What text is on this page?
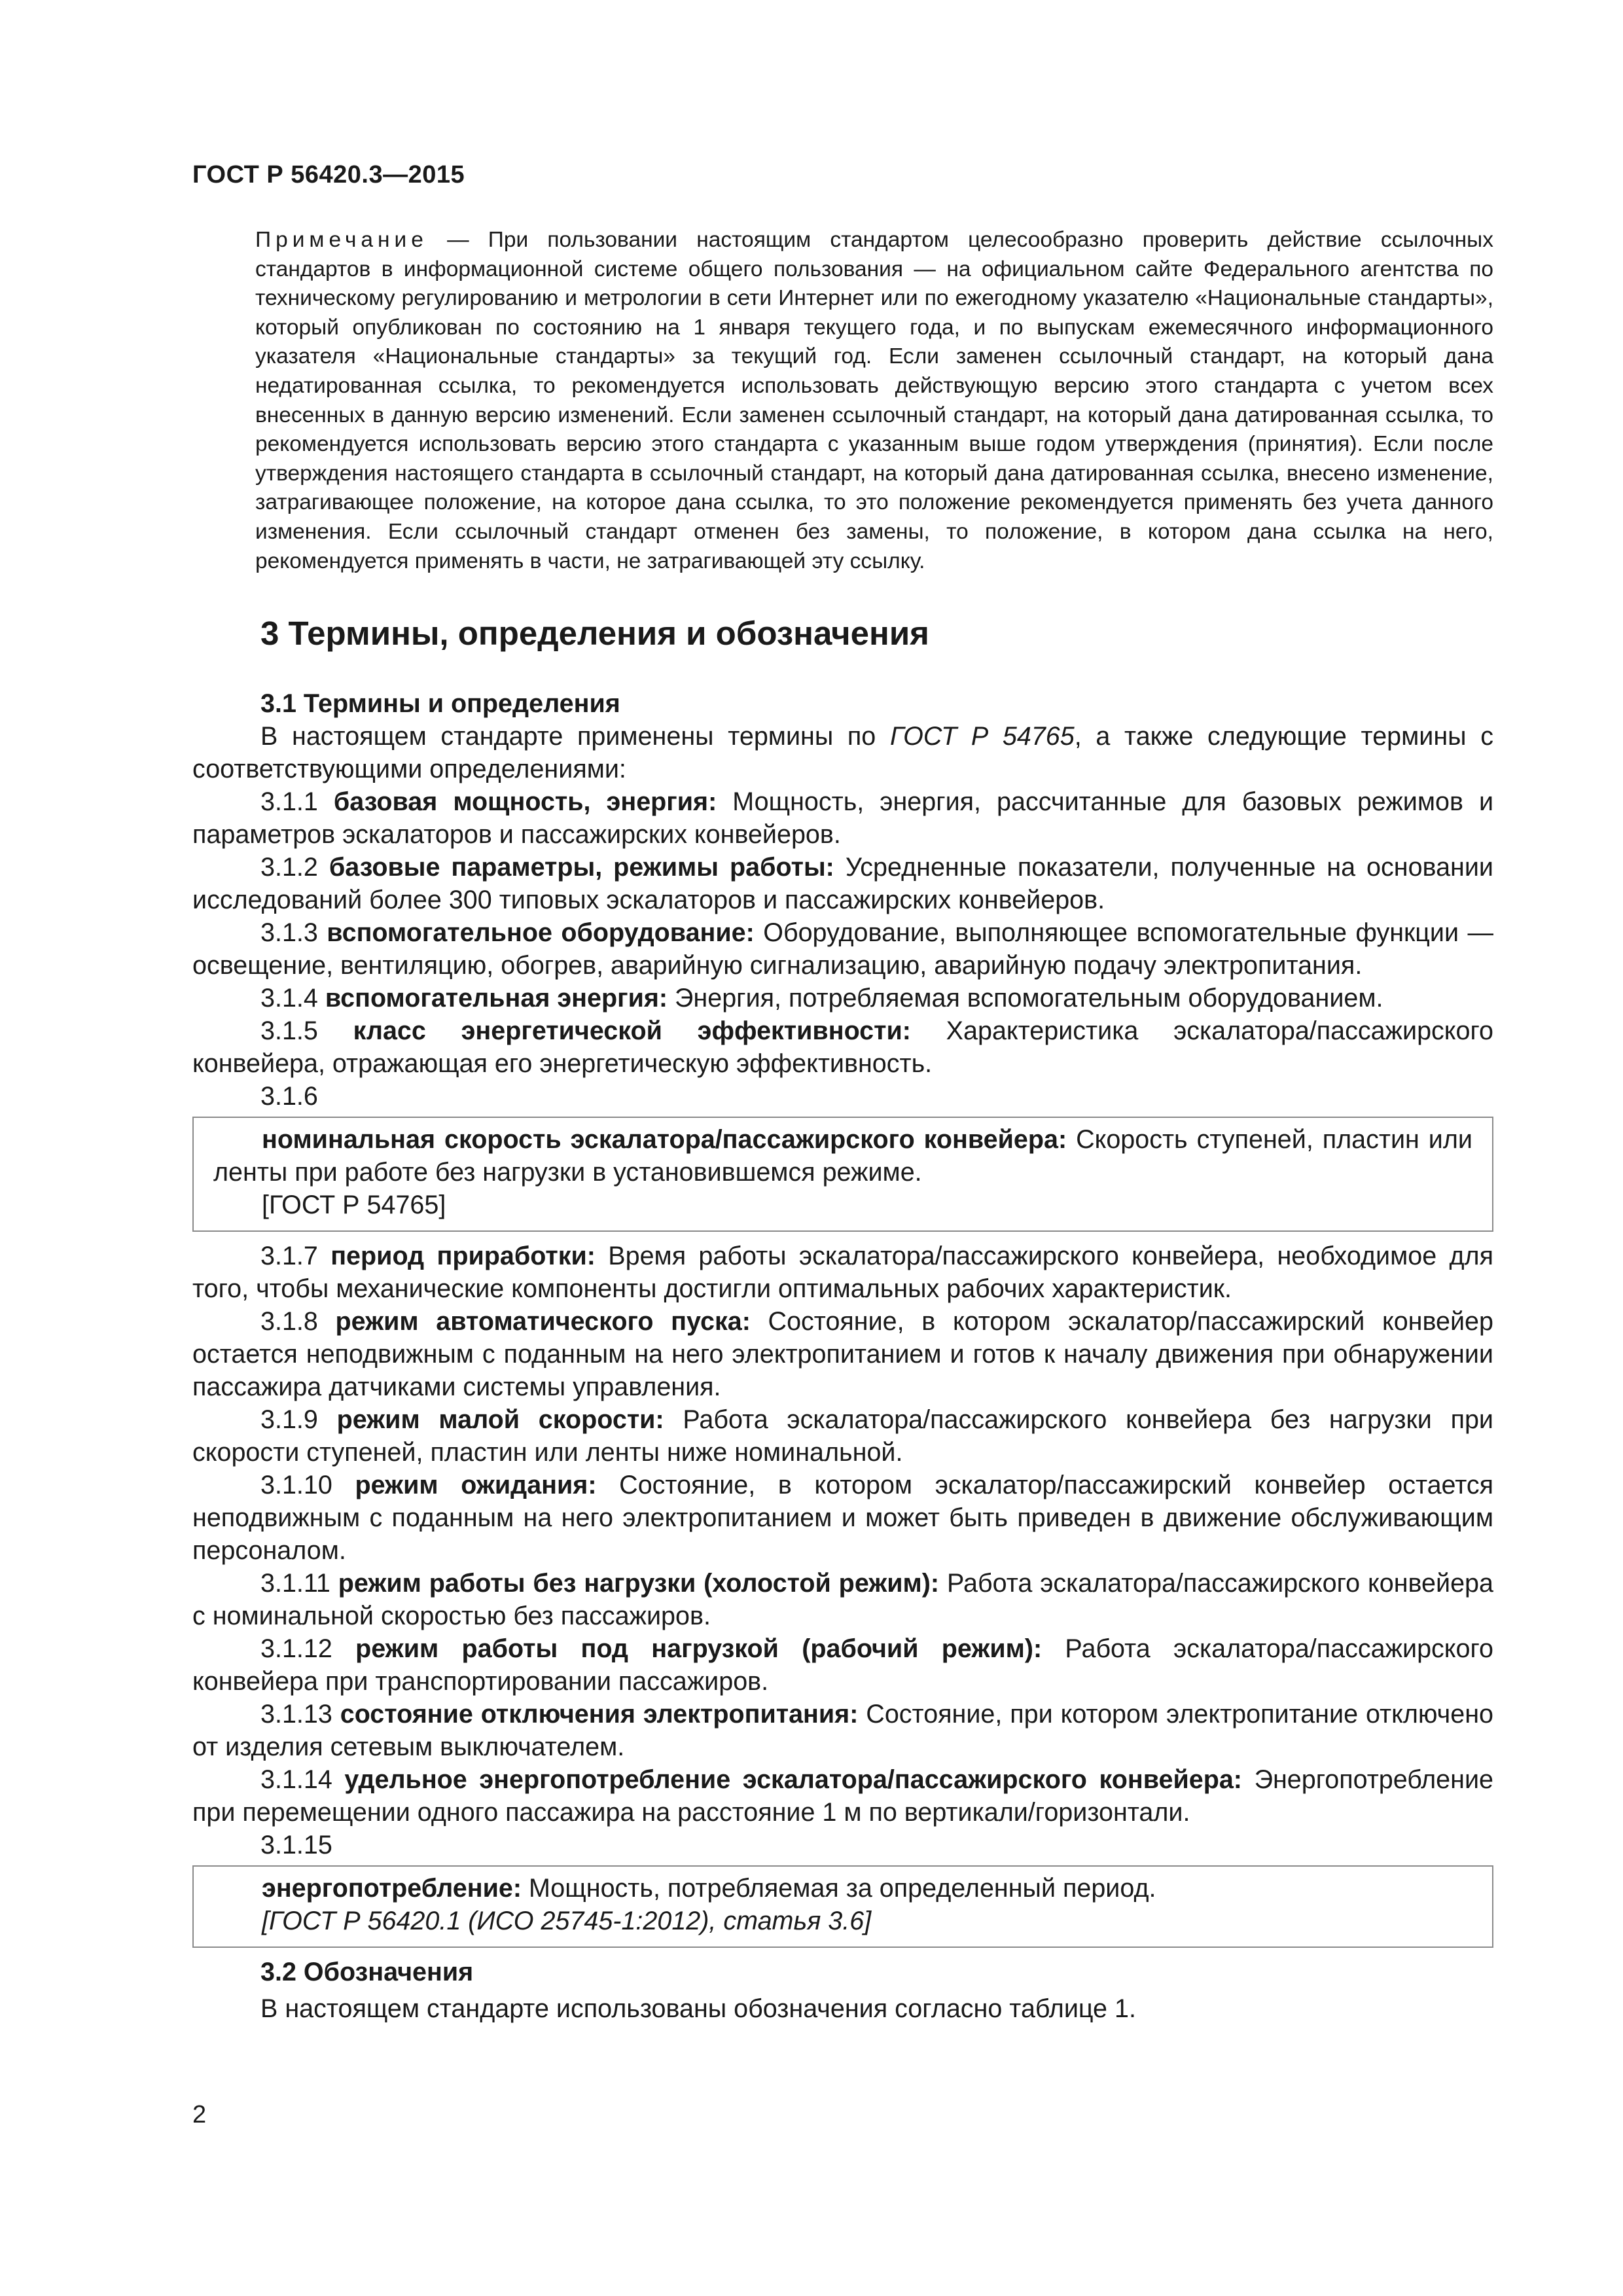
ГОСТ Р 56420.3—2015
Примечание — При пользовании настоящим стандартом целесообразно проверить действие ссылочных стандартов в информационной системе общего пользования — на официальном сайте Федерального агентства по техническому регулированию и метрологии в сети Интернет или по ежегодному указателю «Национальные стандарты», который опубликован по состоянию на 1 января текущего года, и по выпускам ежемесячного информационного указателя «Национальные стандарты» за текущий год. Если заменен ссылочный стандарт, на который дана недатированная ссылка, то рекомендуется использовать действующую версию этого стандарта с учетом всех внесенных в данную версию изменений. Если заменен ссылочный стандарт, на который дана датированная ссылка, то рекомендуется использовать версию этого стандарта с указанным выше годом утверждения (принятия). Если после утверждения настоящего стандарта в ссылочный стандарт, на который дана датированная ссылка, внесено изменение, затрагивающее положение, на которое дана ссылка, то это положение рекомендуется применять без учета данного изменения. Если ссылочный стандарт отменен без замены, то положение, в котором дана ссылка на него, рекомендуется применять в части, не затрагивающей эту ссылку.
3 Термины, определения и обозначения

3.1 Термины и определения

В настоящем стандарте применены термины по ГОСТ Р 54765, а также следующие термины с соответствующими определениями:

3.1.1 базовая мощность, энергия: Мощность, энергия, рассчитанные для базовых режимов и параметров эскалаторов и пассажирских конвейеров.

3.1.2 базовые параметры, режимы работы: Усредненные показатели, полученные на основании исследований более 300 типовых эскалаторов и пассажирских конвейеров.

3.1.3 вспомогательное оборудование: Оборудование, выполняющее вспомогательные функции — освещение, вентиляцию, обогрев, аварийную сигнализацию, аварийную подачу электропитания.

3.1.4 вспомогательная энергия: Энергия, потребляемая вспомогательным оборудованием.

3.1.5 класс энергетической эффективности: Характеристика эскалатора/пассажирского конвейера, отражающая его энергетическую эффективность.

3.1.6

номинальная скорость эскалатора/пассажирского конвейера: Скорость ступеней, пластин или ленты при работе без нагрузки в установившемся режиме.

[ГОСТ Р 54765]

3.1.7 период приработки: Время работы эскалатора/пассажирского конвейера, необходимое для того, чтобы механические компоненты достигли оптимальных рабочих характеристик.

3.1.8 режим автоматического пуска: Состояние, в котором эскалатор/пассажирский конвейер остается неподвижным с поданным на него электропитанием и готов к началу движения при обнаружении пассажира датчиками системы управления.

3.1.9 режим малой скорости: Работа эскалатора/пассажирского конвейера без нагрузки при скорости ступеней, пластин или ленты ниже номинальной.

3.1.10 режим ожидания: Состояние, в котором эскалатор/пассажирский конвейер остается неподвижным с поданным на него электропитанием и может быть приведен в движение обслуживающим персоналом.

3.1.11 режим работы без нагрузки (холостой режим): Работа эскалатора/пассажирского конвейера с номинальной скоростью без пассажиров.

3.1.12 режим работы под нагрузкой (рабочий режим): Работа эскалатора/пассажирского конвейера при транспортировании пассажиров.

3.1.13 состояние отключения электропитания: Состояние, при котором электропитание отключено от изделия сетевым выключателем.

3.1.14 удельное энергопотребление эскалатора/пассажирского конвейера: Энергопотребление при перемещении одного пассажира на расстояние 1 м по вертикали/горизонтали.

3.1.15

энергопотребление: Мощность, потребляемая за определенный период.

[ГОСТ Р 56420.1 (ИСО 25745-1:2012), статья 3.6]

3.2 Обозначения

В настоящем стандарте использованы обозначения согласно таблице 1.

2
